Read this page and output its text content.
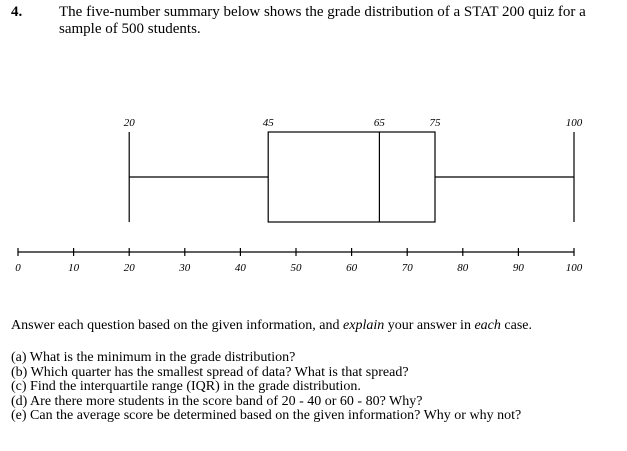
4. The five-number summary below shows the grade distribution of a STAT 200 quiz for a sample of 500 students.

20	45	65	75	100
0	10	20	30	40	50	60	70	80	90	100

Answer each question based on the given information, and explain your answer in each case.

(a) What is the minimum in the grade distribution?
(b) Which quarter has the smallest spread of data? What is that spread?
(c) Find the interquartile range (IQR) in the grade distribution.
(d) Are there more students in the score band of 20 - 40 or 60 - 80? Why?
(e) Can the average score be determined based on the given information? Why or why not?
